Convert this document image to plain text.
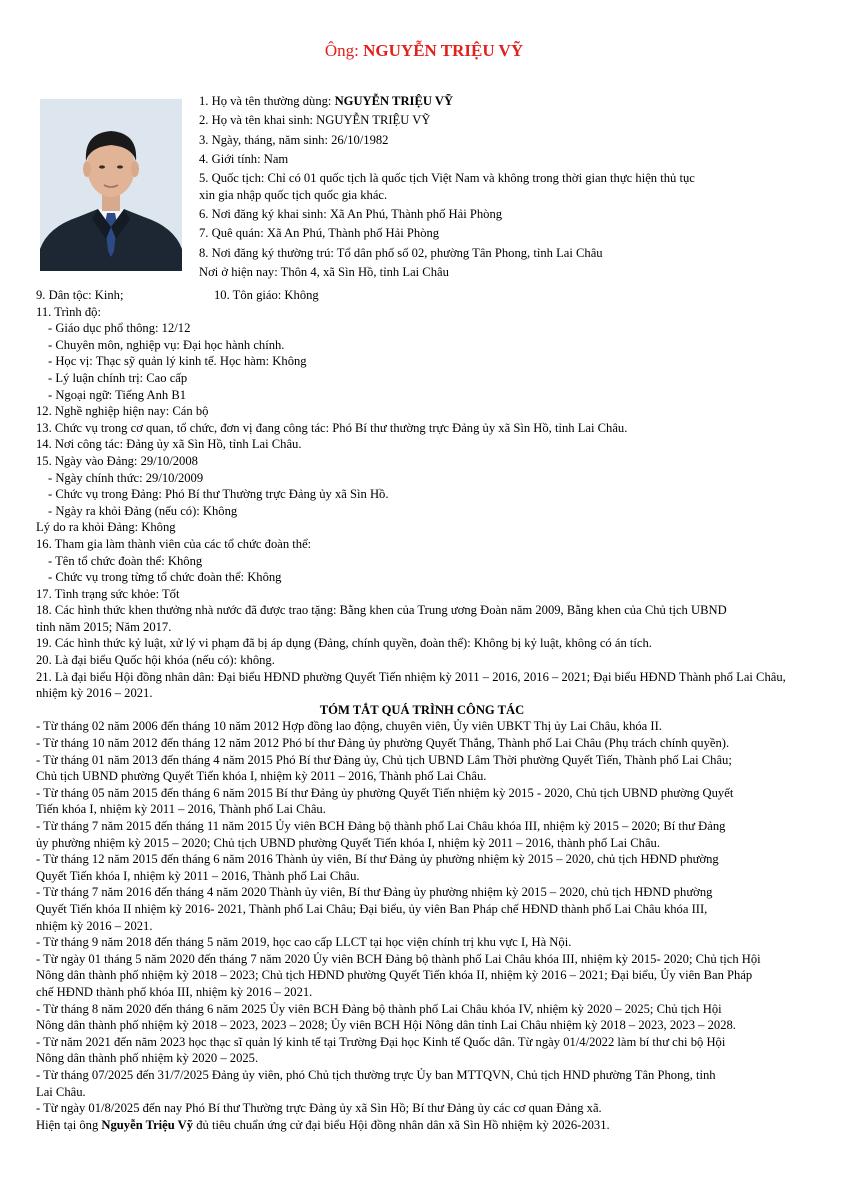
Ông: NGUYỄN TRIỆU VỸ

1. Họ và tên thường dùng: NGUYỄN TRIỆU VỸ

2. Họ và tên khai sinh: NGUYỄN TRIỆU VỸ

3. Ngày, tháng, năm sinh: 26/10/1982

4. Giới tính: Nam

5. Quốc tịch: Chỉ có 01 quốc tịch là quốc tịch Việt Nam và không trong thời gian thực hiện thủ tục

xin gia nhập quốc tịch quốc gia khác.

6. Nơi đăng ký khai sinh: Xã An Phú, Thành phố Hải Phòng

7. Quê quán: Xã An Phú, Thành phố Hải Phòng

8. Nơi đăng ký thường trú: Tổ dân phố số 02, phường Tân Phong, tỉnh Lai Châu

Nơi ở hiện nay: Thôn 4, xã Sìn Hồ, tỉnh Lai Châu

9. Dân tộc: Kinh;	10. Tôn giáo: Không

11. Trình độ:

- Giáo dục phổ thông: 12/12

- Chuyên môn, nghiệp vụ: Đại học hành chính.

- Học vị: Thạc sỹ quản lý kinh tế. Học hàm: Không

- Lý luận chính trị: Cao cấp

- Ngoại ngữ: Tiếng Anh B1

12. Nghề nghiệp hiện nay: Cán bộ

13. Chức vụ trong cơ quan, tổ chức, đơn vị đang công tác: Phó Bí thư thường trực Đảng ủy xã Sìn Hồ, tỉnh Lai Châu.

14. Nơi công tác: Đảng ủy xã Sìn Hồ, tỉnh Lai Châu.

15. Ngày vào Đảng: 29/10/2008

- Ngày chính thức: 29/10/2009

- Chức vụ trong Đảng: Phó Bí thư Thường trực Đảng ủy xã Sìn Hồ.

- Ngày ra khỏi Đảng (nếu có): Không

Lý do ra khỏi Đảng: Không

16. Tham gia làm thành viên của các tổ chức đoàn thể:

- Tên tổ chức đoàn thể: Không

- Chức vụ trong từng tổ chức đoàn thể: Không

17. Tình trạng sức khỏe: Tốt

18. Các hình thức khen thưởng nhà nước đã được trao tặng: Bằng khen của Trung ương Đoàn năm 2009, Bằng khen của Chủ tịch UBND

tỉnh năm 2015; Năm 2017.

19. Các hình thức kỷ luật, xử lý vi phạm đã bị áp dụng (Đảng, chính quyền, đoàn thể): Không bị kỷ luật, không có án tích.

20. Là đại biểu Quốc hội khóa (nếu có): không.

21. Là đại biểu Hội đồng nhân dân: Đại biểu HĐND phường Quyết Tiến nhiệm kỳ 2011 – 2016, 2016 – 2021; Đại biểu HĐND Thành phố Lai Châu,

nhiệm kỳ 2016 – 2021.

TÓM TẮT QUÁ TRÌNH CÔNG TÁC

- Từ tháng 02 năm 2006 đến tháng 10 năm 2012 Hợp đồng lao động, chuyên viên, Ủy viên UBKT Thị ủy Lai Châu, khóa II.

- Từ tháng 10 năm 2012 đến tháng 12 năm 2012 Phó bí thư Đảng ủy phường Quyết Thắng, Thành phố Lai Châu (Phụ trách chính quyền).

- Từ tháng 01 năm 2013 đến tháng 4 năm 2015 Phó Bí thư Đảng ủy, Chủ tịch UBND Lâm Thời phường Quyết Tiến, Thành phố Lai Châu;

Chủ tịch UBND phường Quyết Tiến khóa I, nhiệm kỳ 2011 – 2016, Thành phố Lai Châu.

- Từ tháng 05 năm 2015 đến tháng 6 năm 2015 Bí thư Đảng ủy phường Quyết Tiến nhiệm kỳ 2015 - 2020, Chủ tịch UBND phường Quyết

Tiến khóa I, nhiệm kỳ 2011 – 2016, Thành phố Lai Châu.

- Từ tháng 7 năm 2015 đến tháng 11 năm 2015 Ủy viên BCH Đảng bộ thành phố Lai Châu khóa III, nhiệm kỳ 2015 – 2020; Bí thư Đảng

ủy phường nhiệm kỳ 2015 – 2020; Chủ tịch UBND phường Quyết Tiến khóa I, nhiệm kỳ 2011 – 2016, thành phố Lai Châu.

- Từ tháng 12 năm 2015 đến tháng 6 năm 2016 Thành ủy viên, Bí thư Đảng ủy phường nhiệm kỳ 2015 – 2020, chủ tịch HĐND phường

Quyết Tiến khóa I, nhiệm kỳ 2011 – 2016, Thành phố Lai Châu.

- Từ tháng 7 năm 2016 đến tháng 4 năm 2020 Thành ủy viên, Bí thư Đảng ủy phường nhiệm kỳ 2015 – 2020, chủ tịch HĐND phường

Quyết Tiến khóa II nhiệm kỳ 2016- 2021, Thành phố Lai Châu; Đại biểu, ủy viên Ban Pháp chế HĐND thành phố Lai Châu khóa III,

nhiệm kỳ 2016 – 2021.

- Từ tháng 9 năm 2018 đến tháng 5 năm 2019, học cao cấp LLCT tại học viện chính trị khu vực I, Hà Nội.

- Từ ngày 01 tháng 5 năm 2020 đến tháng 7 năm 2020 Ủy viên BCH Đảng bộ thành phố Lai Châu khóa III, nhiệm kỳ 2015- 2020; Chủ tịch Hội

Nông dân thành phố nhiệm kỳ 2018 – 2023; Chủ tịch HĐND phường Quyết Tiến khóa II, nhiệm kỳ 2016 – 2021; Đại biểu, Ủy viên Ban Pháp

chế HĐND thành phố khóa III, nhiệm kỳ 2016 – 2021.

- Từ tháng 8 năm 2020 đến tháng 6 năm 2025 Ủy viên BCH Đảng bộ thành phố Lai Châu khóa IV, nhiệm kỳ 2020 – 2025; Chủ tịch Hội

Nông dân thành phố nhiệm kỳ 2018 – 2023, 2023 – 2028; Ủy viên BCH Hội Nông dân tỉnh Lai Châu nhiệm kỳ 2018 – 2023, 2023 – 2028.

- Từ năm 2021 đến năm 2023 học thạc sĩ quản lý kinh tế tại Trường Đại học Kinh tế Quốc dân. Từ ngày 01/4/2022 làm bí thư chi bộ Hội

Nông dân thành phố nhiệm kỳ 2020 – 2025.

- Từ tháng 07/2025 đến 31/7/2025 Đảng ủy viên, phó Chủ tịch thường trực Ủy ban MTTQVN, Chủ tịch HND phường Tân Phong, tỉnh

Lai Châu.

- Từ ngày 01/8/2025 đến nay Phó Bí thư Thường trực Đảng ủy xã Sìn Hồ; Bí thư Đảng ủy các cơ quan Đảng xã.

Hiện tại ông Nguyễn Triệu Vỹ đủ tiêu chuẩn ứng cử đại biểu Hội đồng nhân dân xã Sìn Hồ nhiệm kỳ 2026-2031.
